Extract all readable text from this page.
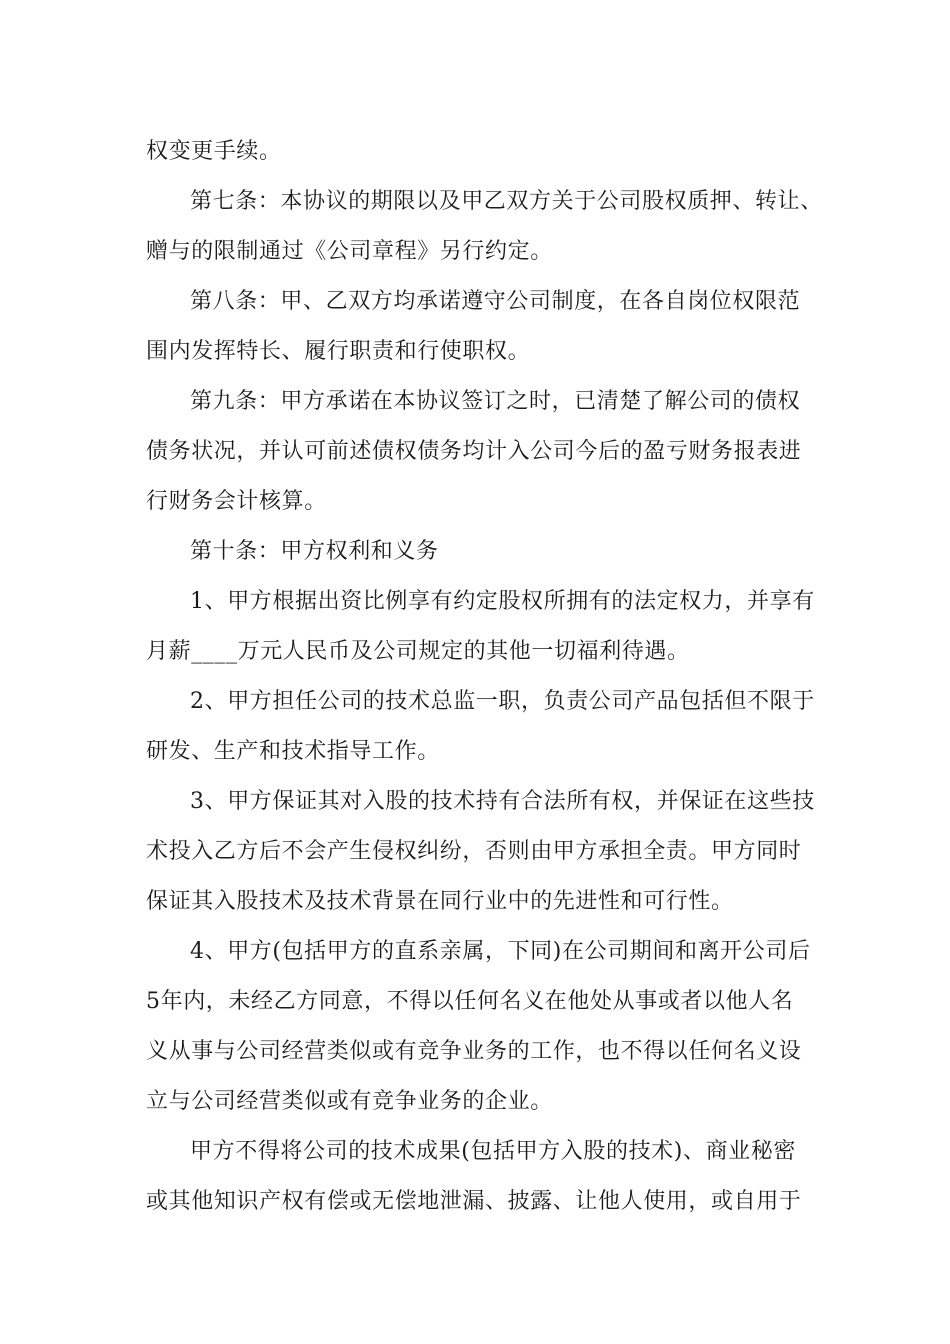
权变更手续。
第七条：本协议的期限以及甲乙双方关于公司股权质押、转让、
赠与的限制通过《公司章程》另行约定。
第八条：甲、乙双方均承诺遵守公司制度，在各自岗位权限范
围内发挥特长、履行职责和行使职权。
第九条：甲方承诺在本协议签订之时，已清楚了解公司的债权
债务状况，并认可前述债权债务均计入公司今后的盈亏财务报表进
行财务会计核算。
第十条：甲方权利和义务
1、甲方根据出资比例享有约定股权所拥有的法定权力，并享有
月薪____万元人民币及公司规定的其他一切福利待遇。
2、甲方担任公司的技术总监一职，负责公司产品包括但不限于
研发、生产和技术指导工作。
3、甲方保证其对入股的技术持有合法所有权，并保证在这些技
术投入乙方后不会产生侵权纠纷，否则由甲方承担全责。甲方同时
保证其入股技术及技术背景在同行业中的先进性和可行性。
4、甲方(包括甲方的直系亲属，下同)在公司期间和离开公司后
5年内，未经乙方同意，不得以任何名义在他处从事或者以他人名
义从事与公司经营类似或有竞争业务的工作，也不得以任何名义设
立与公司经营类似或有竞争业务的企业。
甲方不得将公司的技术成果(包括甲方入股的技术)、商业秘密
或其他知识产权有偿或无偿地泄漏、披露、让他人使用，或自用于
